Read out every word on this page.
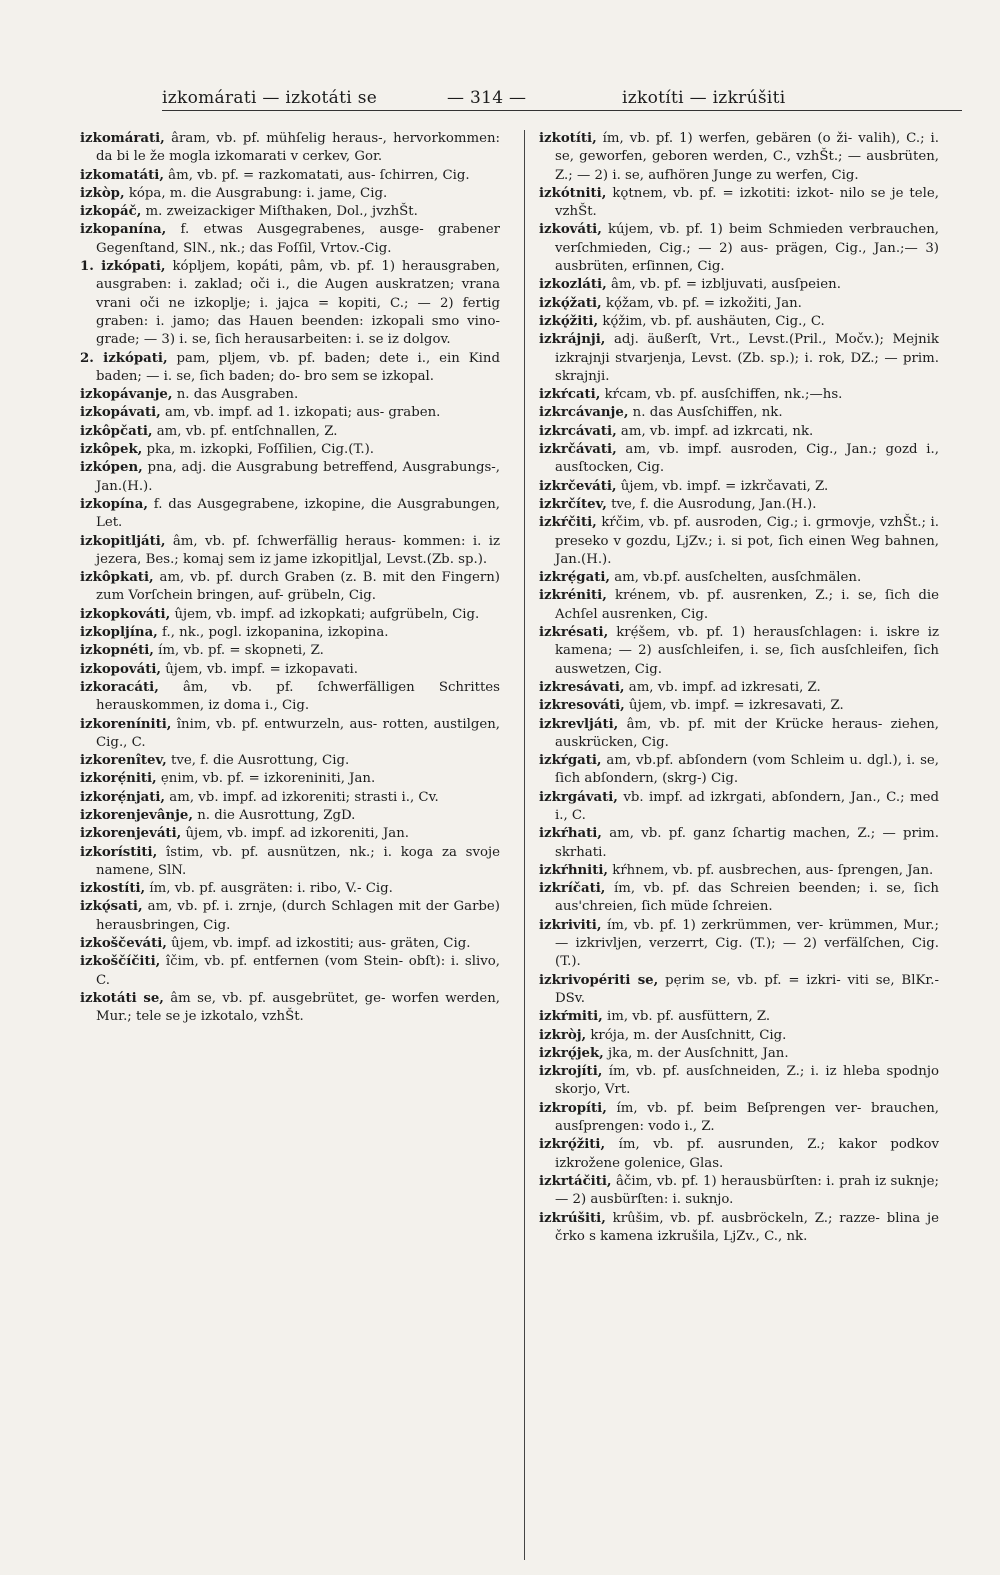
izkomárati — izkotáti se	— 314 —	izkotíti — izkrúšiti

izkomárati, âram, vb. pf. mühſelig heraus-, hervorkommen: da bi le že mogla izkomarati v cerkev, Gor.

izkomatáti, âm, vb. pf. = razkomatati, aus- ſchirren, Cig.

izkòp, kópa, m. die Ausgrabung: i. jame, Cig.

izkopáč, m. zweizackiger Miſthaken, Dol., jvzhŠt.

izkopanína, f. etwas Ausgegrabenes, ausge- grabener Gegenſtand, SlN., nk.; das Foſſil, Vrtov.-Cig.

1. izkópati, kópljem, kopáti, pâm, vb. pf. 1) herausgraben, ausgraben: i. zaklad; oči i., die Augen auskratzen; vrana vrani oči ne izkoplje; i. jajca = kopiti, C.; — 2) fertig graben: i. jamo; das Hauen beenden: izkopali smo vino- grade; — 3) i. se, ſich herausarbeiten: i. se iz dolgov.

2. izkópati, pam, pljem, vb. pf. baden; dete i., ein Kind baden; — i. se, ſich baden; do- bro sem se izkopal.

izkopávanje, n. das Ausgraben.

izkopávati, am, vb. impf. ad 1. izkopati; aus- graben.

izkôpčati, am, vb. pf. entſchnallen, Z.

izkôpek, pka, m. izkopki, Foſſilien, Cig.(T.).

izkópen, pna, adj. die Ausgrabung betreffend, Ausgrabungs-, Jan.(H.).

izkopína, f. das Ausgegrabene, izkopine, die Ausgrabungen, Let.

izkopitljáti, âm, vb. pf. ſchwerfällig heraus- kommen: i. iz jezera, Bes.; komaj sem iz jame izkopitljal, Levst.(Zb. sp.).

izkôpkati, am, vb. pf. durch Graben (z. B. mit den Fingern) zum Vorſchein bringen, auf- grübeln, Cig.

izkopkováti, ûjem, vb. impf. ad izkopkati; aufgrübeln, Cig.

izkopljína, f., nk., pogl. izkopanina, izkopina.

izkopnéti, ím, vb. pf. = skopneti, Z.

izkopováti, ûjem, vb. impf. = izkopavati.

izkoracáti, âm, vb. pf. ſchwerfälligen Schrittes herauskommen, iz doma i., Cig.

izkoreníniti, înim, vb. pf. entwurzeln, aus- rotten, austilgen, Cig., C.

izkorenîtev, tve, f. die Ausrottung, Cig.

izkorẹ́niti, ẹnim, vb. pf. = izkoreniniti, Jan.

izkorẹ́njati, am, vb. impf. ad izkoreniti; strasti i., Cv.

izkorenjevânje, n. die Ausrottung, ZgD.

izkorenjeváti, ûjem, vb. impf. ad izkoreniti, Jan.

izkorístiti, îstim, vb. pf. ausnützen, nk.; i. koga za svoje namene, SlN.

izkostíti, ím, vb. pf. ausgräten: i. ribo, V.- Cig.

izkǫ́sati, am, vb. pf. i. zrnje, (durch Schlagen mit der Garbe) herausbringen, Cig.

izkoščeváti, ûjem, vb. impf. ad izkostiti; aus- gräten, Cig.

izkoščíčiti, îčim, vb. pf. entfernen (vom Stein- obſt): i. slivo, C.

izkotáti se, âm se, vb. pf. ausgebrütet, ge- worfen werden, Mur.; tele se je izkotalo, vzhŠt.

izkotíti, ím, vb. pf. 1) werfen, gebären (o ži- valih), C.; i. se, geworfen, geboren werden, C., vzhŠt.; — ausbrüten, Z.; — 2) i. se, aufhören Junge zu werfen, Cig.

izkótniti, kǫtnem, vb. pf. = izkotiti: izkot- nilo se je tele, vzhŠt.

izkováti, kújem, vb. pf. 1) beim Schmieden verbrauchen, verſchmieden, Cig.; — 2) aus- prägen, Cig., Jan.;— 3) ausbrüten, erſinnen, Cig.

izkozláti, âm, vb. pf. = izbljuvati, ausſpeien.

izkǫ́žati, kǫ́žam, vb. pf. = izkožiti, Jan.

izkǫ́žiti, kǫ́žim, vb. pf. aushäuten, Cig., C.

izkrájnji, adj. äußerſt, Vrt., Levst.(Pril., Močv.); Mejnik izkrajnji stvarjenja, Levst. (Zb. sp.); i. rok, DZ.; — prim. skrajnji.

izkŕcati, kŕcam, vb. pf. ausſchiffen, nk.;—hs.

izkrcávanje, n. das Ausſchiffen, nk.

izkrcávati, am, vb. impf. ad izkrcati, nk.

izkrčávati, am, vb. impf. ausroden, Cig., Jan.; gozd i., ausſtocken, Cig.

izkrčeváti, ûjem, vb. impf. = izkrčavati, Z.

izkrčítev, tve, f. die Ausrodung, Jan.(H.).

izkŕčiti, kŕčim, vb. pf. ausroden, Cig.; i. grmovje, vzhŠt.; i. preseko v gozdu, LjZv.; i. si pot, ſich einen Weg bahnen, Jan.(H.).

izkrẹ́gati, am, vb.pf. ausſchelten, ausſchmälen.

izkréniti, krénem, vb. pf. ausrenken, Z.; i. se, ſich die Achſel ausrenken, Cig.

izkrésati, krẹ́šem, vb. pf. 1) herausſchlagen: i. iskre iz kamena; — 2) ausſchleifen, i. se, ſich ausſchleifen, ſich auswetzen, Cig.

izkresávati, am, vb. impf. ad izkresati, Z.

izkresováti, ûjem, vb. impf. = izkresavati, Z.

izkrevljáti, âm, vb. pf. mit der Krücke heraus- ziehen, auskrücken, Cig.

izkŕgati, am, vb.pf. abſondern (vom Schleim u. dgl.), i. se, ſich abſondern, (skrg-) Cig.

izkrgávati, vb. impf. ad izkrgati, abſondern, Jan., C.; med i., C.

izkŕhati, am, vb. pf. ganz ſchartig machen, Z.; — prim. skrhati.

izkŕhniti, kŕhnem, vb. pf. ausbrechen, aus- ſprengen, Jan.

izkríčati, ím, vb. pf. das Schreien beenden; i. se, ſich aus'chreien, ſich müde ſchreien.

izkriviti, ím, vb. pf. 1) zerkrümmen, ver- krümmen, Mur.; — izkrivljen, verzerrt, Cig. (T.); — 2) verfälſchen, Cig.(T.).

izkrivopériti se, pẹrim se, vb. pf. = izkri- viti se, BlKr.-DSv.

izkŕmiti, im, vb. pf. ausfüttern, Z.

izkròj, krója, m. der Ausſchnitt, Cig.

izkrǫ́jek, jka, m. der Ausſchnitt, Jan.

izkrojíti, ím, vb. pf. ausſchneiden, Z.; i. iz hleba spodnjo skorjo, Vrt.

izkropíti, ím, vb. pf. beim Beſprengen ver- brauchen, ausſprengen: vodo i., Z.

izkrǫ́žiti, ím, vb. pf. ausrunden, Z.; kakor podkov izkrožene golenice, Glas.

izkrtáčiti, âčim, vb. pf. 1) herausbürſten: i. prah iz suknje; — 2) ausbürſten: i. suknjo.

izkrúšiti, krûšim, vb. pf. ausbröckeln, Z.; razze- blina je črko s kamena izkrušila, LjZv., C., nk.
